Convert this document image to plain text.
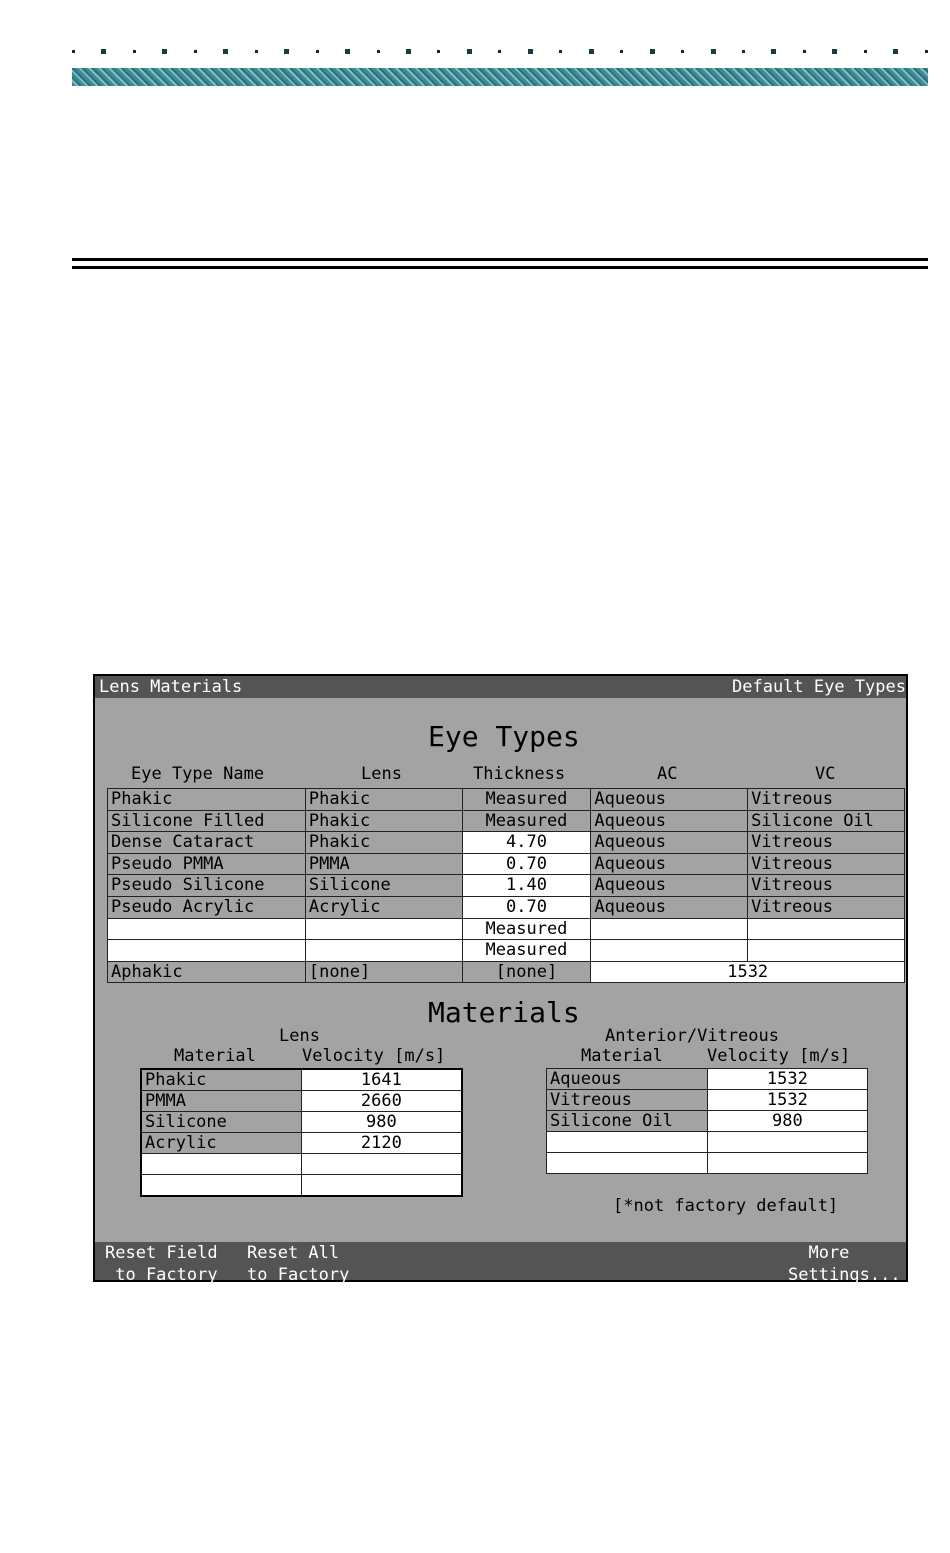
Lens Materials	Default Eye Types
Eye Types
Eye Type Name	Lens	Thickness	AC	VC
Phakic	Phakic	Measured	Aqueous	Vitreous
Silicone Filled	Phakic	Measured	Aqueous	Silicone Oil
Dense Cataract	Phakic	4.70	Aqueous	Vitreous
Pseudo PMMA	PMMA	0.70	Aqueous	Vitreous
Pseudo Silicone	Silicone	1.40	Aqueous	Vitreous
Pseudo Acrylic	Acrylic	0.70	Aqueous	Vitreous
		Measured		
		Measured		
Aphakic	[none]	[none]	1532	
Materials
Lens
Material	Velocity [m/s]
Phakic	1641
PMMA	2660
Silicone	980
Acrylic	2120

Anterior/Vitreous
Material	Velocity [m/s]
Aqueous	1532
Vitreous	1532
Silicone Oil	980

[*not factory default]
Reset Field
to Factory
Reset All
to Factory
More
Settings...
